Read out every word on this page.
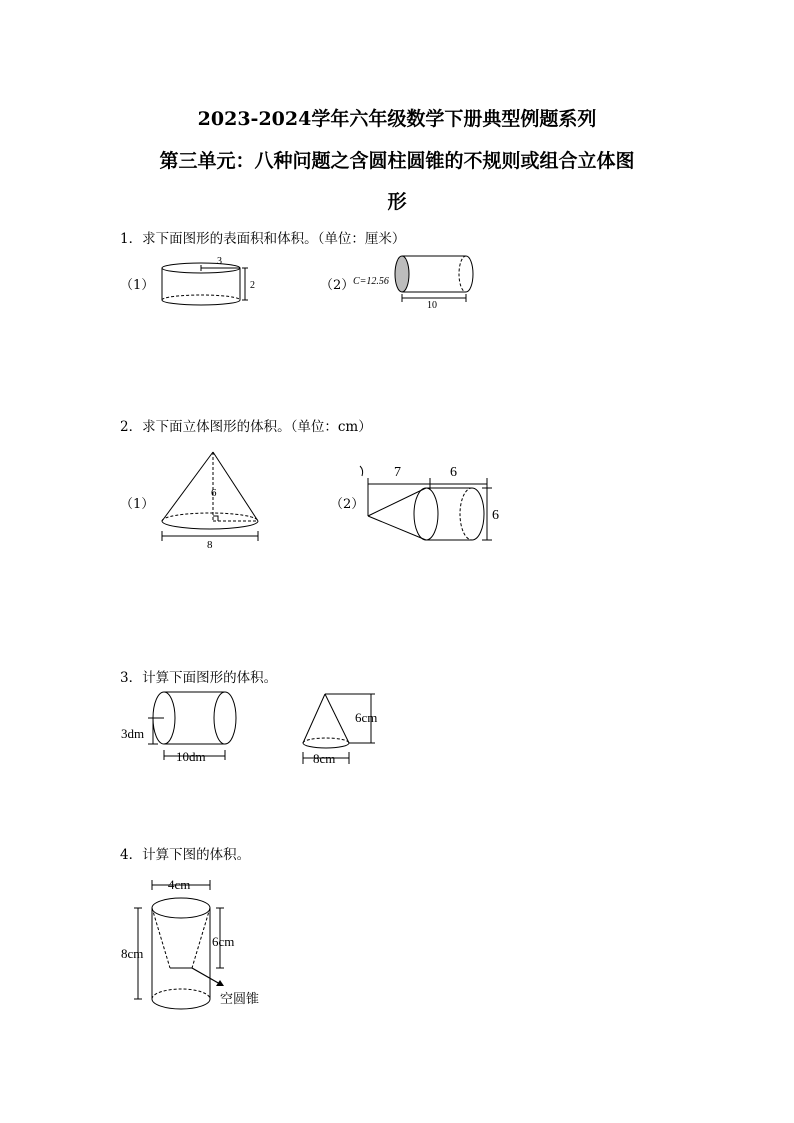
2023-2024学年六年级数学下册典型例题系列
第三单元：八种问题之含圆柱圆锥的不规则或组合立体图
形
1．求下面图形的表面积和体积。（单位：厘米）
（1）
3
2	（2）
C=12.56
10
2．求下面立体图形的体积。（单位：cm）
（1）
6
8
（2）
7	6
6
3．计算下面图形的体积。
3dm
10dm
6cm
8cm
4．计算下图的体积。
4cm
8cm
6cm
空圆锥
